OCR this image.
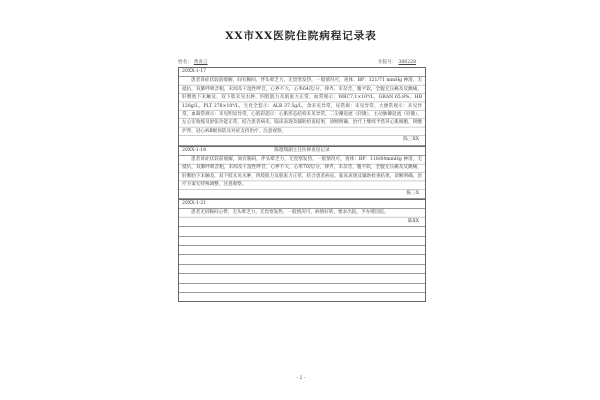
XX市XX医院住院病程记录表
姓名： 黄喜云	住院号： 366228
20XX-1-17
患者诉症状较前缓解，间有胸闷，伴头晕乏力，无畏寒发热，一般情况可，查体：BP：121/71 mmHg 神清，无抵抗，双肺呼吸音粗，未闻及干湿性啰音，心界不大，心率64次/分，律齐，未杂音，腹平软，全腹无压痛及反跳痛，肝脾肋下未触及，双下肢未见水肿，四肢肌力及肌张力正常。血常规示：WBC7.1×10⁹/L，GRAN 65.8%，HB 128g/L，PLT 278×10⁹/L，生化全套示：ALB 37.5g/L，余未见异常，尿常规：未见异常，大便常规示：未见异常，血凝常规示：未见明显异常，心肌彩超示：心肌形态结构未见异常，二尖瓣返流（轻微），主动脉瓣返流（轻微），左心室收缩及舒张功能正常，结合患者病史、临床表现及辅助检查结果，诊断明确，治疗上继续予营养心肌细胞，钡酸护肾，冠心病Ⅱ级预防及对症支持治疗，注意观察。
陈三XX
20XX-1-18	陈德瑞副主任医师查房记录
患者诉症状较前缓解，间有胸闷，伴头晕乏力，无畏寒发热，一般情况可，查体：BP：118/64mmHg 神清，无抵抗，双肺呼吸音粗，未闻及干湿性啰音，心界不大，心率70次/分，律齐，未杂音，腹平软，全腹无压痛及反跳痛，肝脾肋下未触及，双下肢未见水肿，四肢肌力及肌张力正常，结合患者病史、临床表现及辅助检查结果，诊断明确，治疗方案无特殊调整，注意观察。
陈三X
20XX-1-21
患者无诉胸闷心悸，无头晕乏力，无畏寒发热，一般情况可，病情好转，要求出院，予办理出院。
陈XX
- 2 -
